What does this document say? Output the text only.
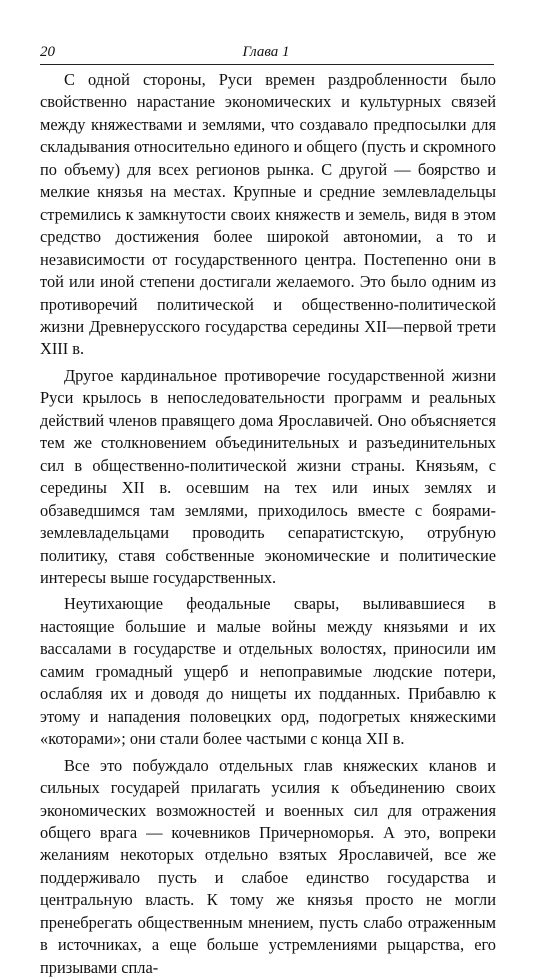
20	Глава 1

С одной стороны, Руси времен раздробленности было свойственно нарастание экономических и культурных связей между княжествами и землями, что создавало предпосылки для складывания относительно единого и общего (пусть и скромного по объему) для всех регионов рынка. С другой — боярство и мелкие князья на местах. Крупные и средние землевладельцы стремились к замкнутости своих княжеств и земель, видя в этом средство достижения более широкой автономии, а то и независимости от государственного центра. Постепенно они в той или иной степени достигали желаемого. Это было одним из противоречий политической и общественно-политической жизни Древнерусского государства середины XII—первой трети XIII в.

Другое кардинальное противоречие государственной жизни Руси крылось в непоследовательности программ и реальных действий членов правящего дома Ярославичей. Оно объясняется тем же столкновением объединительных и разъединительных сил в общественно-политической жизни страны. Князьям, с середины XII в. осевшим на тех или иных землях и обзаведшимся там землями, приходилось вместе с боярами-землевладельцами проводить сепаратистскую, отрубную политику, ставя собственные экономические и политические интересы выше государственных.

Неутихающие феодальные свары, выливавшиеся в настоящие большие и малые войны между князьями и их вассалами в государстве и отдельных волостях, приносили им самим громадный ущерб и непоправимые людские потери, ослабляя их и доводя до нищеты их подданных. Прибавлю к этому и нападения половецких орд, подогретых княжескими «которами»; они стали более частыми с конца XII в.

Все это побуждало отдельных глав княжеских кланов и сильных государей прилагать усилия к объединению своих экономических возможностей и военных сил для отражения общего врага — кочевников Причерноморья. А это, вопреки желаниям некоторых отдельно взятых Ярославичей, все же поддерживало пусть и слабое единство государства и центральную власть. К тому же князья просто не могли пренебрегать общественным мнением, пусть слабо отраженным в источниках, а еще больше устремлениями рыцарства, его призывами спла-
